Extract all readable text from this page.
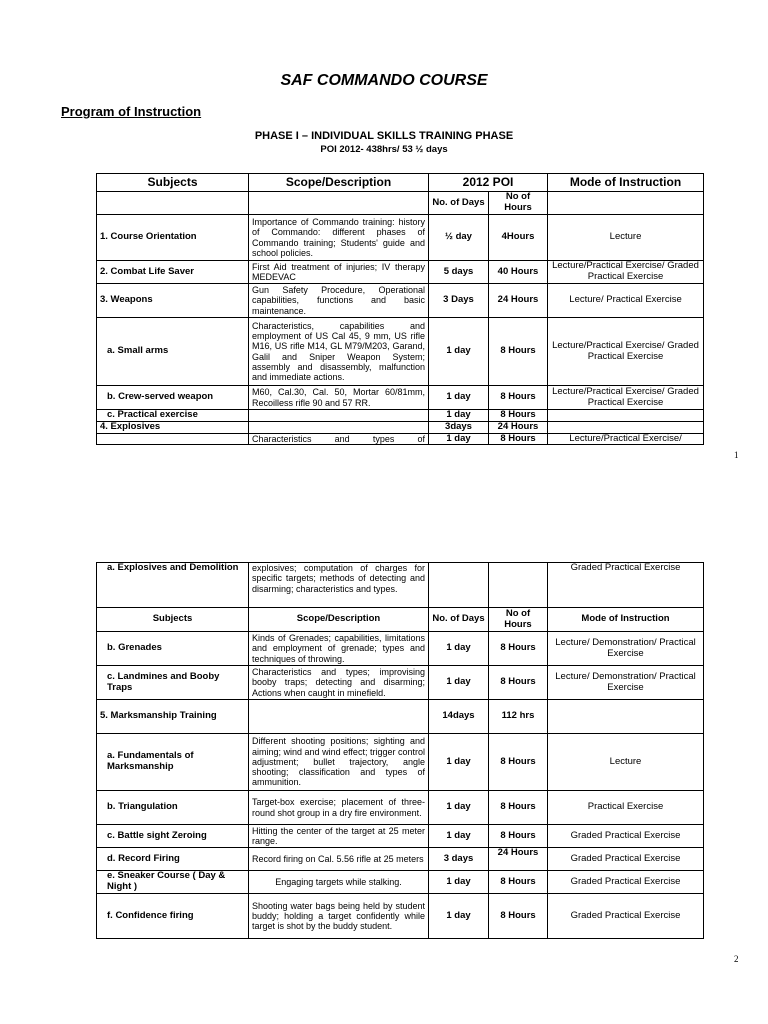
SAF COMMANDO COURSE
Program of Instruction
PHASE I – INDIVIDUAL SKILLS TRAINING PHASE
POI 2012- 438hrs/ 53 ½ days
Subjects	Scope/Description	2012 POI		Mode of Instruction
		No. of Days	No of Hours	
1. Course Orientation	Importance of Commando training: history of Commando: different phases of Commando training; Students' guide and school policies.	½ day	4Hours	Lecture
2. Combat Life Saver	First Aid treatment of injuries; IV therapy MEDEVAC	5 days	40 Hours	Lecture/Practical Exercise/ Graded Practical Exercise
3. Weapons	Gun Safety Procedure, Operational capabilities, functions and basic maintenance.	3 Days	24 Hours	Lecture/ Practical Exercise
a. Small arms	Characteristics, capabilities and employment of US Cal 45, 9 mm, US rifle M16, US rifle M14, GL M79/M203, Garand, Galil and Sniper Weapon System; assembly and disassembly, malfunction and immediate actions.	1 day	8 Hours	Lecture/Practical Exercise/ Graded Practical Exercise
b. Crew-served weapon	M60, Cal.30, Cal. 50, Mortar 60/81mm, Recoilless rifle 90 and 57 RR.	1 day	8 Hours	Lecture/Practical Exercise/ Graded Practical Exercise
c. Practical exercise		1 day	8 Hours	
4. Explosives		3days	24 Hours	
	Characteristics and types of	1 day	8 Hours	Lecture/Practical Exercise/
1
a. Explosives and Demolition	explosives; computation of charges for specific targets; methods of detecting and disarming; characteristics and types.			Graded Practical Exercise
Subjects	Scope/Description	No. of Days	No of Hours	Mode of Instruction
b. Grenades	Kinds of Grenades; capabilities, limitations and employment of grenade; types and techniques of throwing.	1 day	8 Hours	Lecture/ Demonstration/ Practical Exercise
c. Landmines and Booby Traps	Characteristics and types; improvising booby traps; detecting and disarming; Actions when caught in minefield.	1 day	8 Hours	Lecture/ Demonstration/ Practical Exercise
5. Marksmanship Training		14days	112 hrs	
a. Fundamentals of Marksmanship	Different shooting positions; sighting and aiming; wind and wind effect; trigger control adjustment; bullet trajectory, angle shooting; classification and types of ammunition.	1 day	8 Hours	Lecture
b. Triangulation	Target-box exercise; placement of three-round shot group in a dry fire environment.	1 day	8 Hours	Practical Exercise
c. Battle sight Zeroing	Hitting the center of the target at 25 meter range.	1 day	8 Hours	Graded Practical Exercise
d. Record Firing	Record firing on Cal. 5.56 rifle at 25 meters	3 days	24 Hours	Graded Practical Exercise
e. Sneaker Course ( Day & Night )	Engaging targets while stalking.	1 day	8 Hours	Graded Practical Exercise
f. Confidence firing	Shooting water bags being held by student buddy; holding a target confidently while target is shot by the buddy student.	1 day	8 Hours	Graded Practical Exercise
2
